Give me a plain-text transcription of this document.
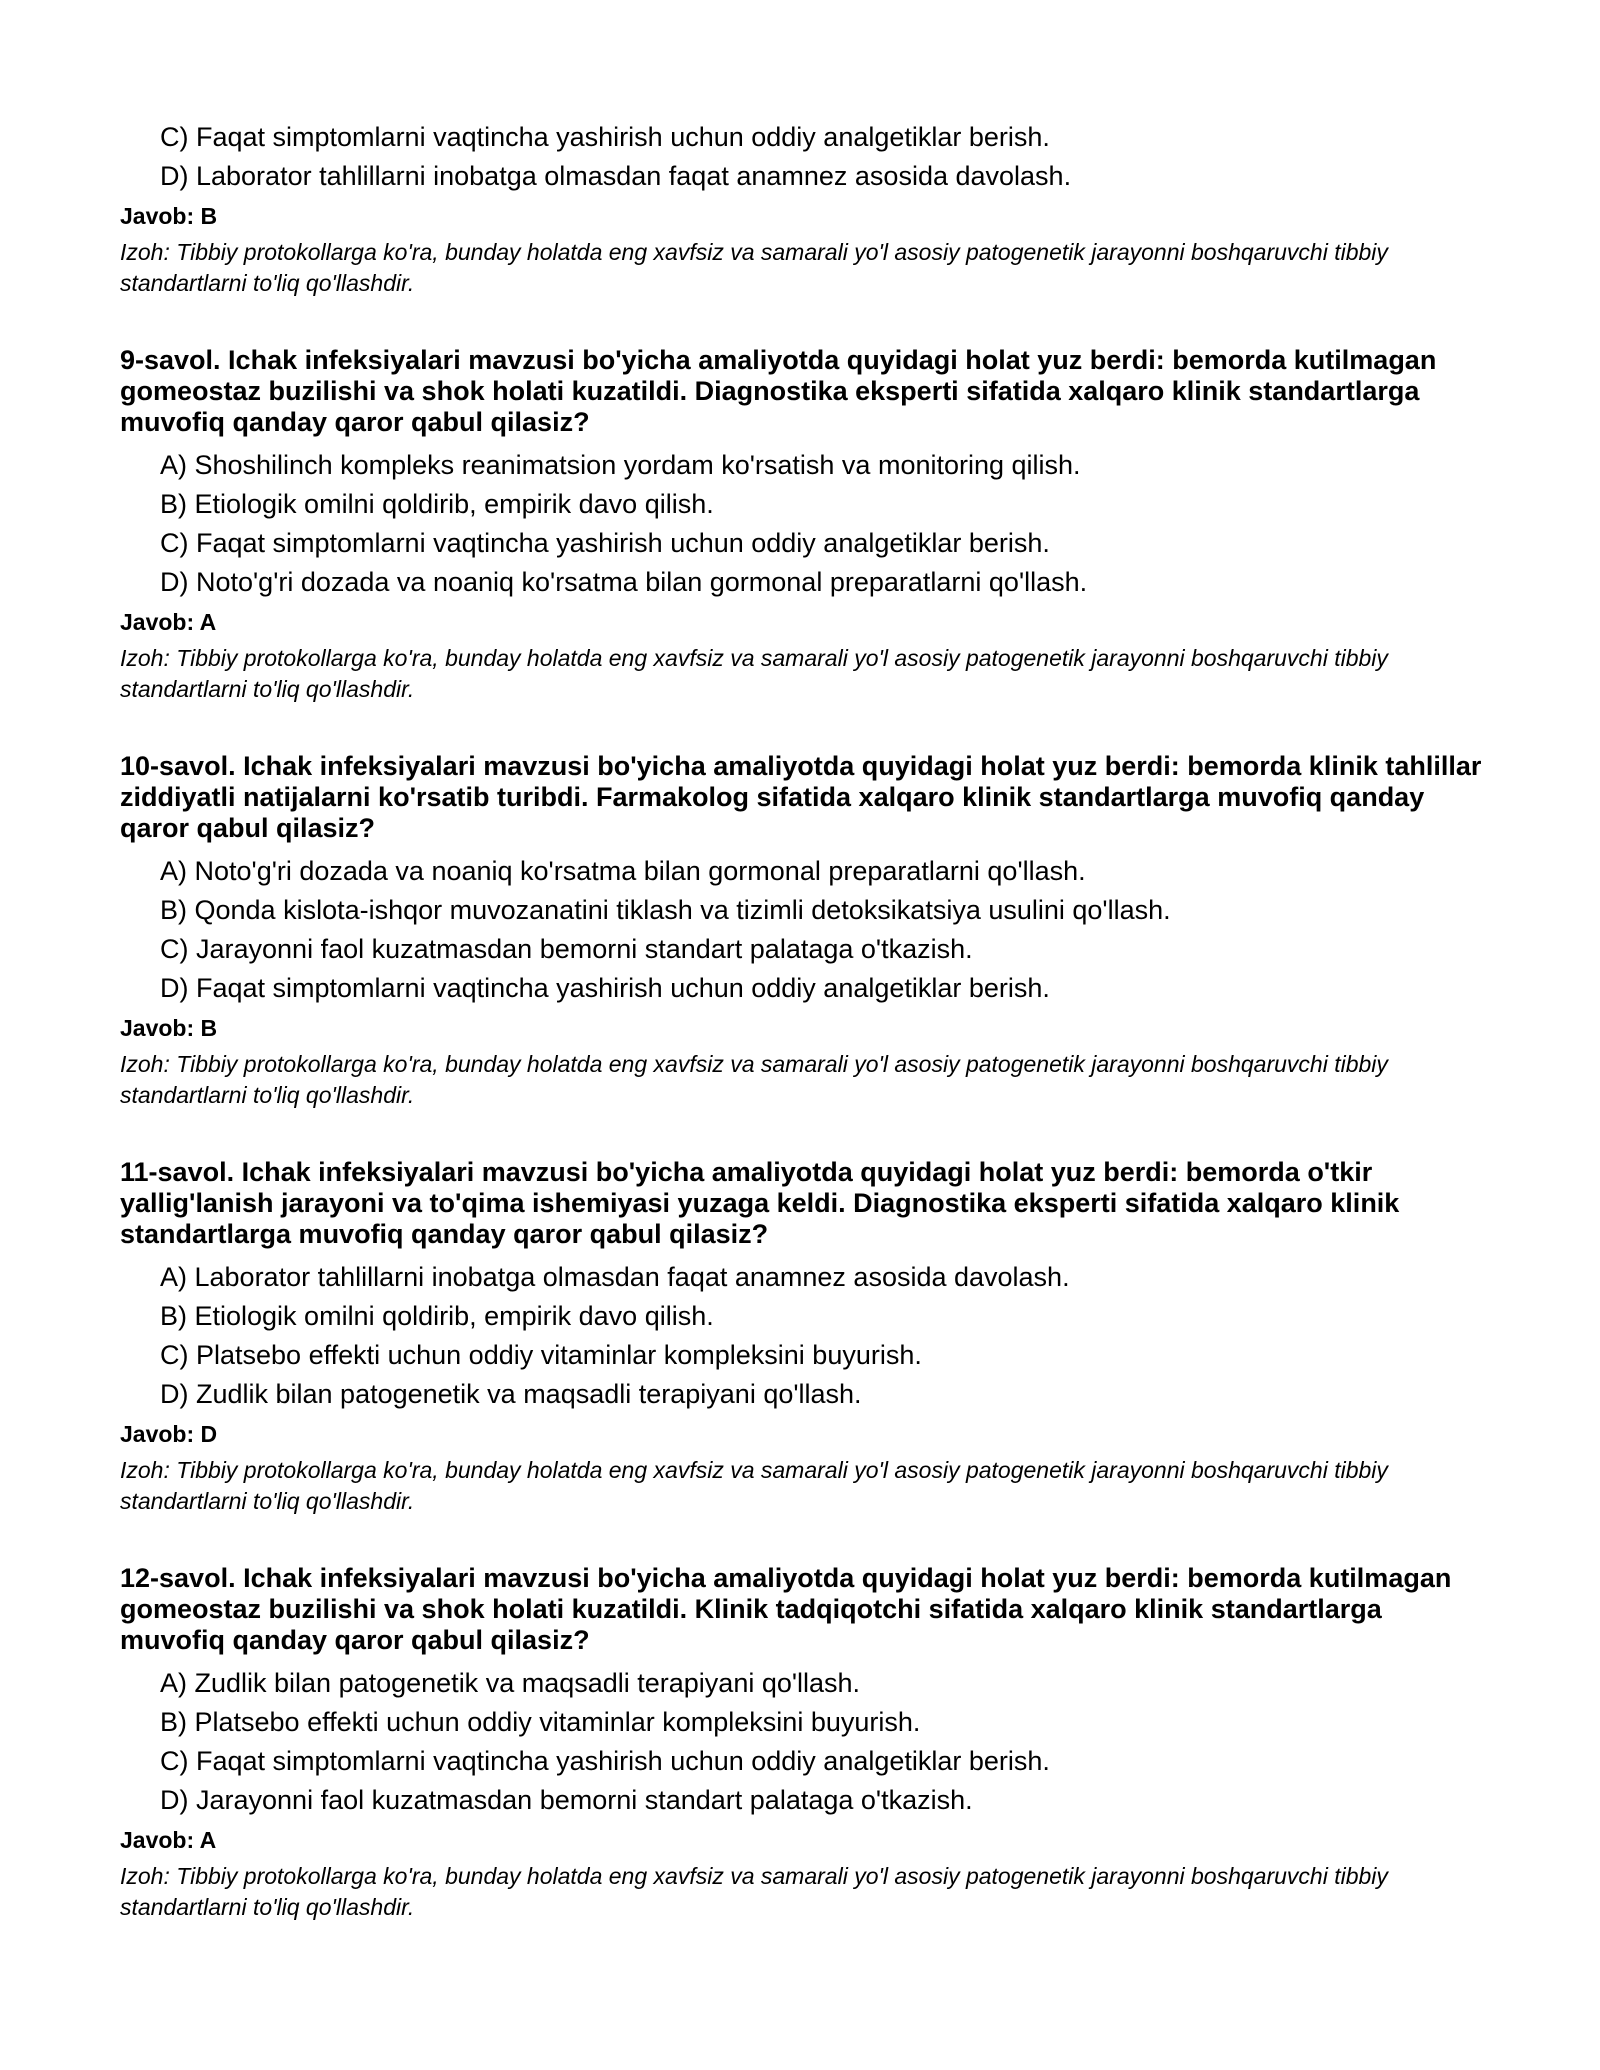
C) Faqat simptomlarni vaqtincha yashirish uchun oddiy analgetiklar berish.
D) Laborator tahlillarni inobatga olmasdan faqat anamnez asosida davolash.
Javob: B
Izoh: Tibbiy protokollarga ko'ra, bunday holatda eng xavfsiz va samarali yo'l asosiy patogenetik jarayonni boshqaruvchi tibbiy standartlarni to'liq qo'llashdir.
9-savol. Ichak infeksiyalari mavzusi bo'yicha amaliyotda quyidagi holat yuz berdi: bemorda kutilmagan gomeostaz buzilishi va shok holati kuzatildi. Diagnostika eksperti sifatida xalqaro klinik standartlarga muvofiq qanday qaror qabul qilasiz?
A) Shoshilinch kompleks reanimatsion yordam ko'rsatish va monitoring qilish.
B) Etiologik omilni qoldirib, empirik davo qilish.
C) Faqat simptomlarni vaqtincha yashirish uchun oddiy analgetiklar berish.
D) Noto'g'ri dozada va noaniq ko'rsatma bilan gormonal preparatlarni qo'llash.
Javob: A
Izoh: Tibbiy protokollarga ko'ra, bunday holatda eng xavfsiz va samarali yo'l asosiy patogenetik jarayonni boshqaruvchi tibbiy standartlarni to'liq qo'llashdir.
10-savol. Ichak infeksiyalari mavzusi bo'yicha amaliyotda quyidagi holat yuz berdi: bemorda klinik tahlillar ziddiyatli natijalarni ko'rsatib turibdi. Farmakolog sifatida xalqaro klinik standartlarga muvofiq qanday qaror qabul qilasiz?
A) Noto'g'ri dozada va noaniq ko'rsatma bilan gormonal preparatlarni qo'llash.
B) Qonda kislota-ishqor muvozanatini tiklash va tizimli detoksikatsiya usulini qo'llash.
C) Jarayonni faol kuzatmasdan bemorni standart palataga o'tkazish.
D) Faqat simptomlarni vaqtincha yashirish uchun oddiy analgetiklar berish.
Javob: B
Izoh: Tibbiy protokollarga ko'ra, bunday holatda eng xavfsiz va samarali yo'l asosiy patogenetik jarayonni boshqaruvchi tibbiy standartlarni to'liq qo'llashdir.
11-savol. Ichak infeksiyalari mavzusi bo'yicha amaliyotda quyidagi holat yuz berdi: bemorda o'tkir yallig'lanish jarayoni va to'qima ishemiyasi yuzaga keldi. Diagnostika eksperti sifatida xalqaro klinik standartlarga muvofiq qanday qaror qabul qilasiz?
A) Laborator tahlillarni inobatga olmasdan faqat anamnez asosida davolash.
B) Etiologik omilni qoldirib, empirik davo qilish.
C) Platsebo effekti uchun oddiy vitaminlar kompleksini buyurish.
D) Zudlik bilan patogenetik va maqsadli terapiyani qo'llash.
Javob: D
Izoh: Tibbiy protokollarga ko'ra, bunday holatda eng xavfsiz va samarali yo'l asosiy patogenetik jarayonni boshqaruvchi tibbiy standartlarni to'liq qo'llashdir.
12-savol. Ichak infeksiyalari mavzusi bo'yicha amaliyotda quyidagi holat yuz berdi: bemorda kutilmagan gomeostaz buzilishi va shok holati kuzatildi. Klinik tadqiqotchi sifatida xalqaro klinik standartlarga muvofiq qanday qaror qabul qilasiz?
A) Zudlik bilan patogenetik va maqsadli terapiyani qo'llash.
B) Platsebo effekti uchun oddiy vitaminlar kompleksini buyurish.
C) Faqat simptomlarni vaqtincha yashirish uchun oddiy analgetiklar berish.
D) Jarayonni faol kuzatmasdan bemorni standart palataga o'tkazish.
Javob: A
Izoh: Tibbiy protokollarga ko'ra, bunday holatda eng xavfsiz va samarali yo'l asosiy patogenetik jarayonni boshqaruvchi tibbiy standartlarni to'liq qo'llashdir.
